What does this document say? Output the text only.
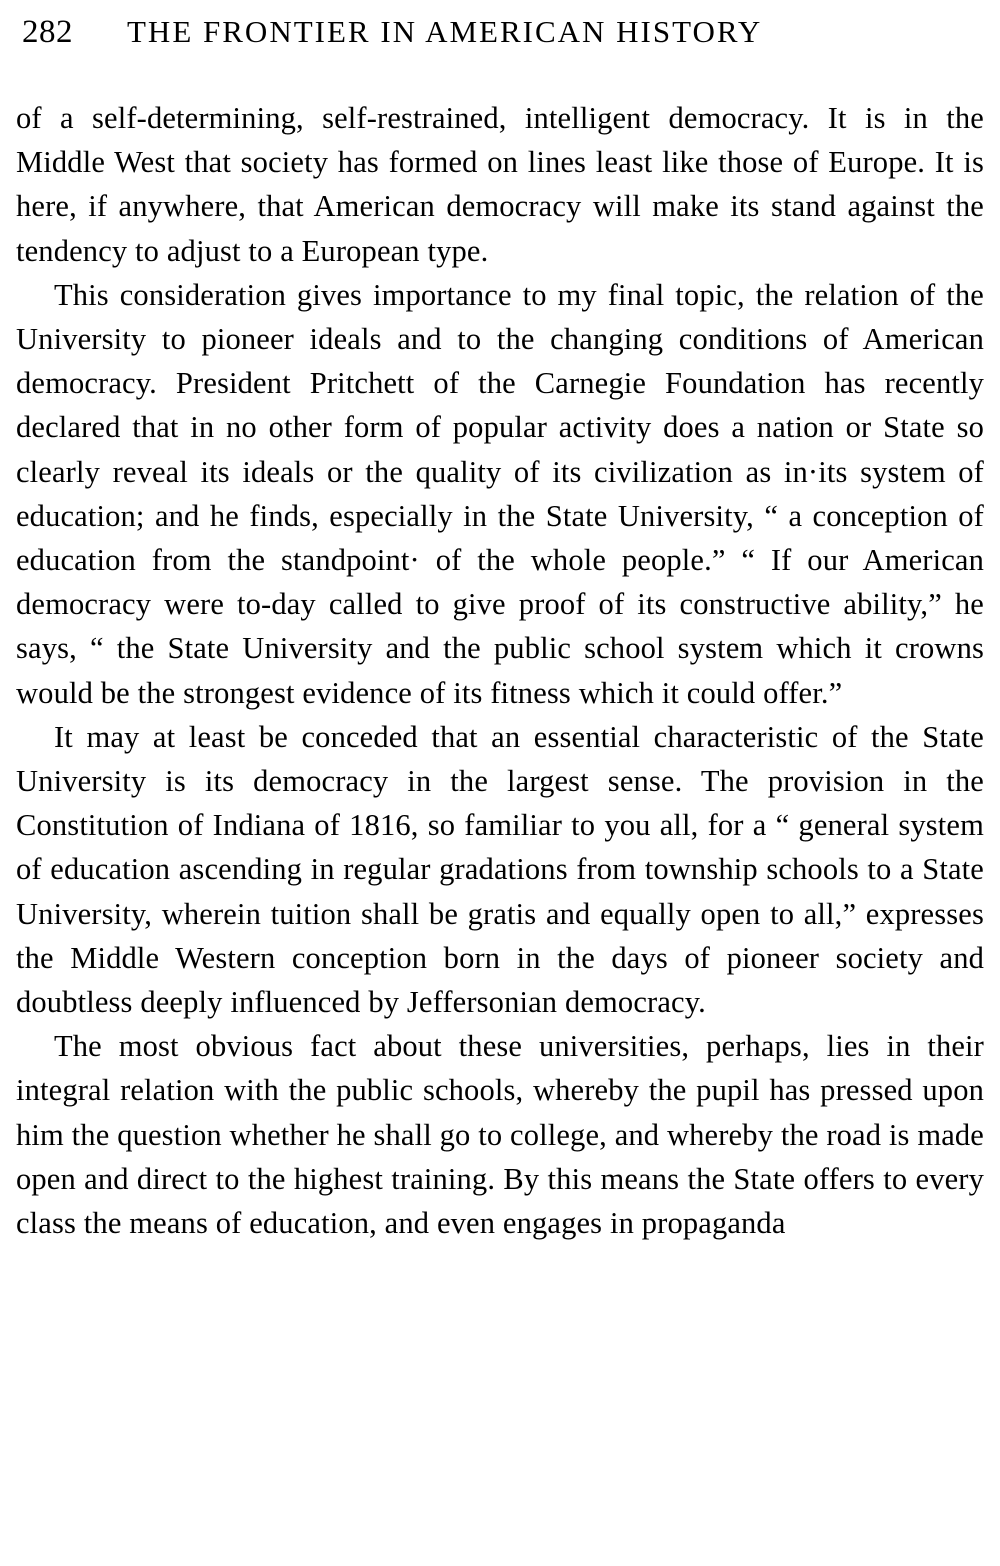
282 THE FRONTIER IN AMERICAN HISTORY

of a self-determining, self-restrained, intelligent democracy. It is in the Middle West that society has formed on lines least like those of Europe. It is here, if anywhere, that American democracy will make its stand against the tendency to adjust to a European type.

This consideration gives importance to my final topic, the relation of the University to pioneer ideals and to the changing conditions of American democracy. President Pritchett of the Carnegie Foundation has recently declared that in no other form of popular activity does a nation or State so clearly reveal its ideals or the quality of its civilization as in·its system of education; and he finds, especially in the State University, “ a conception of education from the standpoint· of the whole people.” “ If our American democracy were to-day called to give proof of its constructive ability,” he says, “ the State University and the public school system which it crowns would be the strongest evidence of its fitness which it could offer.”

It may at least be conceded that an essential characteristic of the State University is its democracy in the largest sense. The provision in the Constitution of Indiana of 1816, so familiar to you all, for a “ general system of education ascending in regular gradations from township schools to a State University, wherein tuition shall be gratis and equally open to all,” expresses the Middle Western conception born in the days of pioneer society and doubtless deeply influenced by Jeffersonian democracy.

The most obvious fact about these universities, perhaps, lies in their integral relation with the public schools, whereby the pupil has pressed upon him the question whether he shall go to college, and whereby the road is made open and direct to the highest training. By this means the State offers to every class the means of education, and even engages in propaganda
